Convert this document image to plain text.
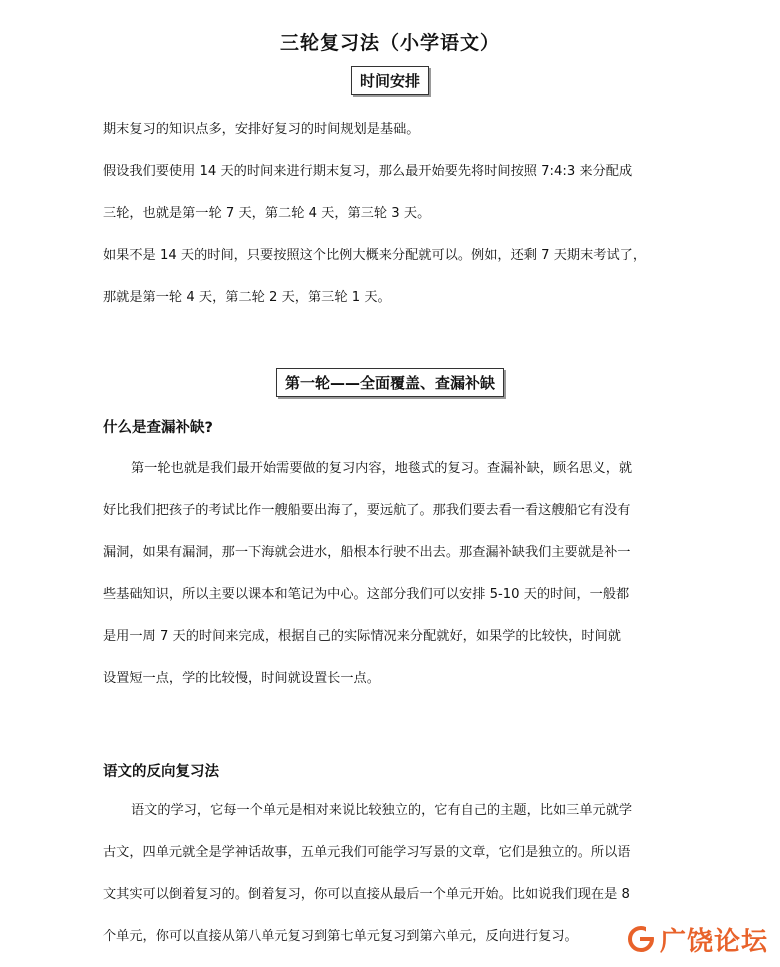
三轮复习法（小学语文）
时间安排
期末复习的知识点多，安排好复习的时间规划是基础。
假设我们要使用 14 天的时间来进行期末复习，那么最开始要先将时间按照 7:4:3 来分配成
三轮，也就是第一轮 7 天，第二轮 4 天，第三轮 3 天。
如果不是 14 天的时间，只要按照这个比例大概来分配就可以。例如，还剩 7 天期末考试了，
那就是第一轮 4 天，第二轮 2 天，第三轮 1 天。
第一轮——全面覆盖、查漏补缺
什么是查漏补缺?
第一轮也就是我们最开始需要做的复习内容，地毯式的复习。查漏补缺，顾名思义，就
好比我们把孩子的考试比作一艘船要出海了，要远航了。那我们要去看一看这艘船它有没有
漏洞，如果有漏洞，那一下海就会进水，船根本行驶不出去。那查漏补缺我们主要就是补一
些基础知识，所以主要以课本和笔记为中心。这部分我们可以安排 5-10 天的时间，一般都
是用一周 7 天的时间来完成，根据自己的实际情况来分配就好，如果学的比较快，时间就
设置短一点，学的比较慢，时间就设置长一点。
语文的反向复习法
语文的学习，它每一个单元是相对来说比较独立的，它有自己的主题，比如三单元就学
古文，四单元就全是学神话故事，五单元我们可能学习写景的文章，它们是独立的。所以语
文其实可以倒着复习的。倒着复习，你可以直接从最后一个单元开始。比如说我们现在是 8
个单元，你可以直接从第八单元复习到第七单元复习到第六单元，反向进行复习。	广饶论坛
